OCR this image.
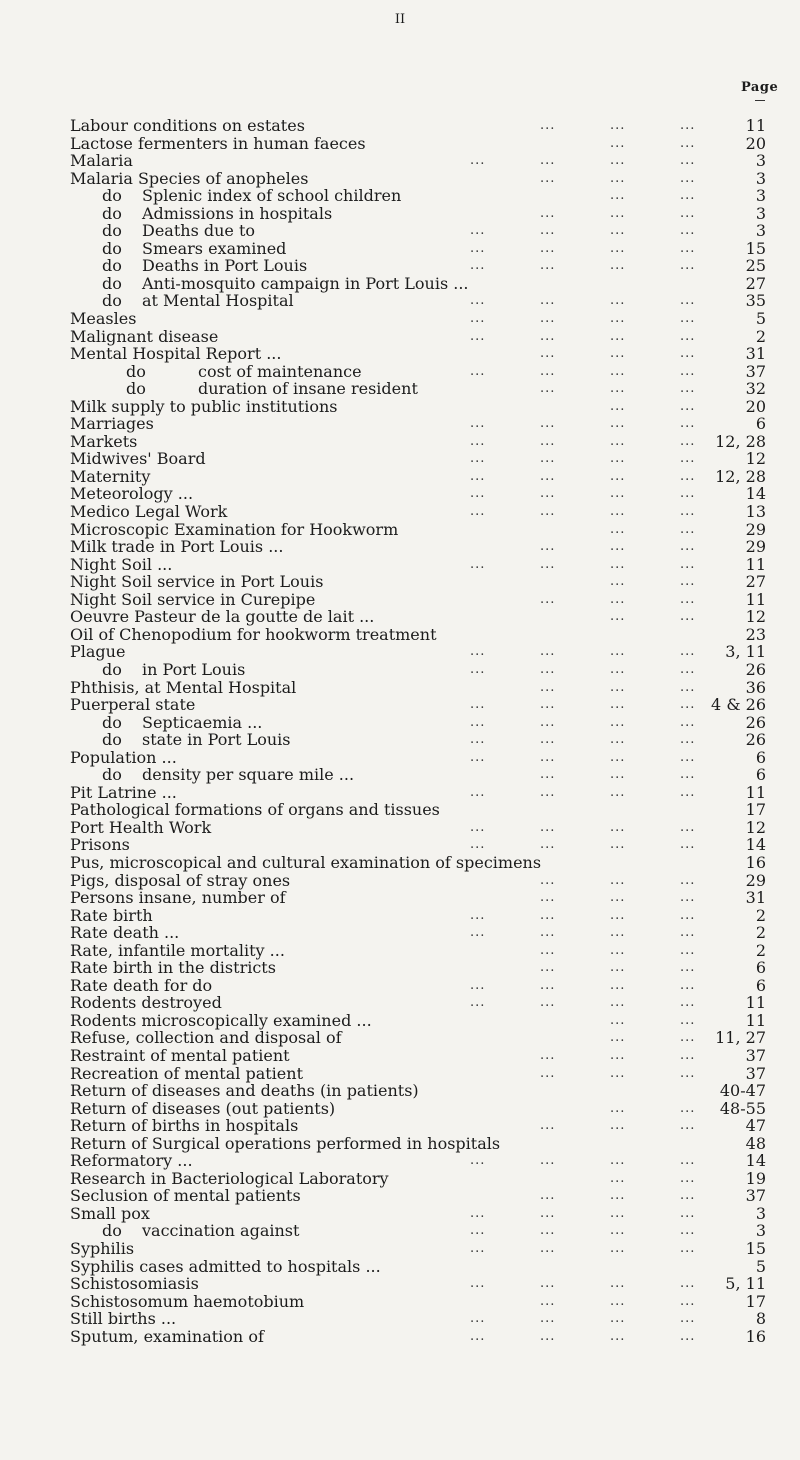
II
Page
Labour conditions on estates	...	...	...	11
Lactose fermenters in human faeces	...	...	20
Malaria	...	...	...	...	3
Malaria Species of anopheles	...	...	...	3
do Splenic index of school children	...	...	3
do Admissions in hospitals	...	...	...	3
do Deaths due to	...	...	...	...	3
do Smears examined	...	...	...	...	15
do Deaths in Port Louis	...	...	...	...	25
do Anti-mosquito campaign in Port Louis ...	27
do at Mental Hospital	...	...	...	...	35
Measles	...	...	...	...	5
Malignant disease	...	...	...	...	2
Mental Hospital Report ...	...	...	...	31
do	cost of maintenance	...	...	...	...	37
do	duration of insane resident	...	...	...	32
Milk supply to public institutions	...	...	20
Marriages	...	...	...	...	6
Markets	...	...	...	...	12, 28
Midwives' Board	...	...	...	...	12
Maternity	...	...	...	...	12, 28
Meteorology ...	...	...	...	...	14
Medico Legal Work	...	...	...	...	13
Microscopic Examination for Hookworm	...	...	29
Milk trade in Port Louis ...	...	...	...	29
Night Soil ...	...	...	...	...	11
Night Soil service in Port Louis	...	...	27
Night Soil service in Curepipe	...	...	...	11
Oeuvre Pasteur de la goutte de lait ...	...	...	12
Oil of Chenopodium for hookworm treatment	23
Plague	...	...	...	...	3, 11
do in Port Louis	...	...	...	...	26
Phthisis, at Mental Hospital	...	...	...	36
Puerperal state	...	...	...	... 4 & 26
do Septicaemia ...	...	...	...	...	26
do state in Port Louis	...	...	...	...	26
Population ...	...	...	...	...	6
do density per square mile ...	...	...	...	6
Pit Latrine ...	...	...	...	...	11
Pathological formations of organs and tissues	17
Port Health Work	...	...	...	...	12
Prisons	...	...	...	...	14
Pus, microscopical and cultural examination of specimens	16
Pigs, disposal of stray ones	...	...	...	29
Persons insane, number of	...	...	...	31
Rate birth	...	...	...	...	2
Rate death ...	...	...	...	...	2
Rate, infantile mortality ...	...	...	...	2
Rate birth in the districts	...	...	...	6
Rate death for do	...	...	...	...	6
Rodents destroyed	...	...	...	...	11
Rodents microscopically examined ...	...	...	11
Refuse, collection and disposal of	...	...	11, 27
Restraint of mental patient	...	...	...	37
Recreation of mental patient	...	...	...	37
Return of diseases and deaths (in patients)	40-47
Return of diseases (out patients)	...	...	48-55
Return of births in hospitals	...	...	...	47
Return of Surgical operations performed in hospitals	48
Reformatory ...	...	...	...	...	14
Research in Bacteriological Laboratory	...	...	19
Seclusion of mental patients	...	...	...	37
Small pox	...	...	...	...	3
do vaccination against	...	...	...	...	3
Syphilis	...	...	...	...	15
Syphilis cases admitted to hospitals ...	5
Schistosomiasis	...	...	...	...	5, 11
Schistosomum haemotobium	...	...	...	17
Still births ...	...	...	...	...	8
Sputum, examination of	...	...	...	...	16
